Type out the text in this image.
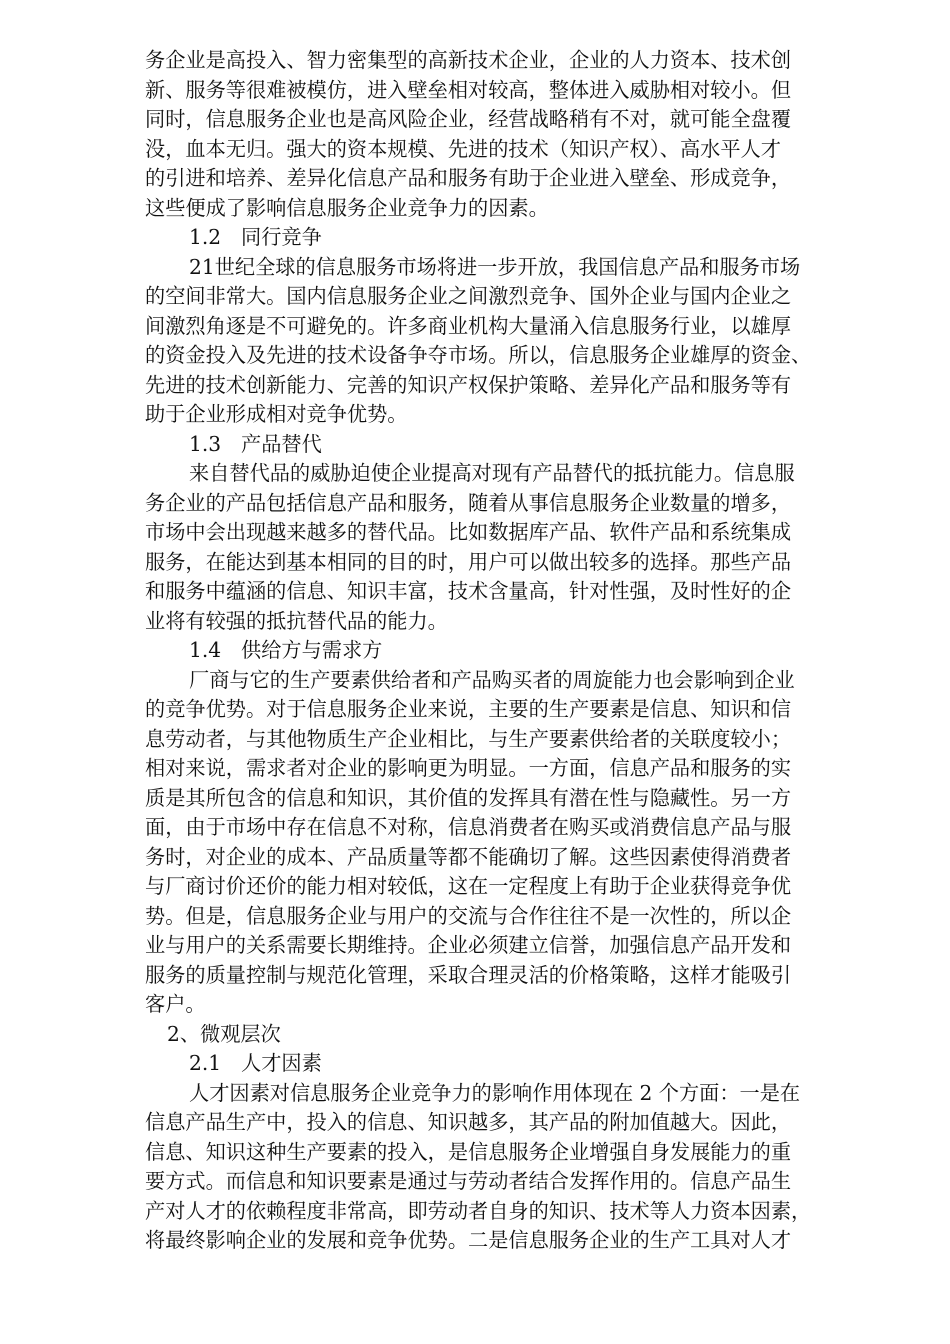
务企业是高投入、智力密集型的高新技术企业，企业的人力资本、技术创
新、服务等很难被模仿，进入壁垒相对较高，整体进入威胁相对较小。但
同时，信息服务企业也是高风险企业，经营战略稍有不对，就可能全盘覆
没，血本无归。强大的资本规模、先进的技术（知识产权）、高水平人才
的引进和培养、差异化信息产品和服务有助于企业进入壁垒、形成竞争，
这些便成了影响信息服务企业竞争力的因素。
1.2 同行竞争
21世纪全球的信息服务市场将进一步开放，我国信息产品和服务市场
的空间非常大。国内信息服务企业之间激烈竞争、国外企业与国内企业之
间激烈角逐是不可避免的。许多商业机构大量涌入信息服务行业，以雄厚
的资金投入及先进的技术设备争夺市场。所以，信息服务企业雄厚的资金、
先进的技术创新能力、完善的知识产权保护策略、差异化产品和服务等有
助于企业形成相对竞争优势。
1.3 产品替代
来自替代品的威胁迫使企业提高对现有产品替代的抵抗能力。信息服
务企业的产品包括信息产品和服务，随着从事信息服务企业数量的增多，
市场中会出现越来越多的替代品。比如数据库产品、软件产品和系统集成
服务，在能达到基本相同的目的时，用户可以做出较多的选择。那些产品
和服务中蕴涵的信息、知识丰富，技术含量高，针对性强，及时性好的企
业将有较强的抵抗替代品的能力。
1.4 供给方与需求方
厂商与它的生产要素供给者和产品购买者的周旋能力也会影响到企业
的竞争优势。对于信息服务企业来说，主要的生产要素是信息、知识和信
息劳动者，与其他物质生产企业相比，与生产要素供给者的关联度较小；
相对来说，需求者对企业的影响更为明显。一方面，信息产品和服务的实
质是其所包含的信息和知识，其价值的发挥具有潜在性与隐藏性。另一方
面，由于市场中存在信息不对称，信息消费者在购买或消费信息产品与服
务时，对企业的成本、产品质量等都不能确切了解。这些因素使得消费者
与厂商讨价还价的能力相对较低，这在一定程度上有助于企业获得竞争优
势。但是，信息服务企业与用户的交流与合作往往不是一次性的，所以企
业与用户的关系需要长期维持。企业必须建立信誉，加强信息产品开发和
服务的质量控制与规范化管理，采取合理灵活的价格策略，这样才能吸引
客户。
2、微观层次
2.1 人才因素
人才因素对信息服务企业竞争力的影响作用体现在 2 个方面：一是在
信息产品生产中，投入的信息、知识越多，其产品的附加值越大。因此，
信息、知识这种生产要素的投入，是信息服务企业增强自身发展能力的重
要方式。而信息和知识要素是通过与劳动者结合发挥作用的。信息产品生
产对人才的依赖程度非常高，即劳动者自身的知识、技术等人力资本因素，
将最终影响企业的发展和竞争优势。二是信息服务企业的生产工具对人才
